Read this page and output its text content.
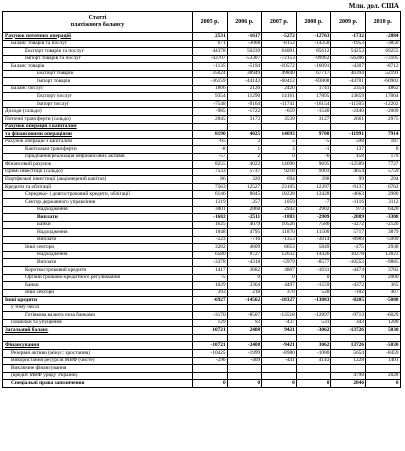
Млн. дол. США
Статті
платіжного балансу	2005 р.	2006 р.	2007 р.	2008 р.	2009 р.	2010 р.
Рахунок поточних операцій	2531	-1617	-5272	-12763	-1732	-2884
Баланс товарів та послуг	671	-3068	-8152	-14350	-1953	-3850
Експорт товарів та послуг	44378	50239	64001	85612	54253	69255
Імпорт товарів та послуг	-43707	-53307	-72153	-99962	-56206	-73105
Баланс товарів	-1135	-5194	-10572	-16091	-4307	-8712
Експорт товарів	35024	38949	49840	67717	40394	52191
Імпорт товарів	-36159	-44143	-60412	-83808	-44701	-60903
Баланс послуг	1806	2126	2420	1741	2354	4862
Експорт послуг	9354	11290	14161	17895	13859	17064
Імпорт послуг	-7548	-9164	-11741	-16154	-11505	-12202
Доходи (сальдо)	-985	-1722	-659	-1540	-2440	-2009
Поточні трансферти (сальдо)	2845	3173	3539	3127	2661	2975
Рахунок операцій з капіталом						
та фінансовими операціями	8190	4025	14693	9700	-11991	7914
Рахунок операцій з капіталом	-65	3	5	-5	598	187
Капітальні трансферти	-8	1	3	-1	137	8
Придбання/реалізація нефінансових активів	-57	2	0	-6	458	179
Фінансовий рахунок	8255	4022	14690	9695	-12589	7727
Прямі інвестиції (сальдо)	7533	5737	9218	9903	4654	5759
Портфельні інвестиції (акціонерний капітал)	86	320	694	398	99	294
Кредити та облігації	7563	12527	23105	12397	-9137	6762
Середньо- і довгостроковий кредити, облігації	6146	8845	18228	13428	-4663	2980
Сектор державного управління	1319	257	1059	-7	-1116	3112
Надходження	3001	2868	2942	2902	973	6420
Виплати	-1682	-2511	-1883	-2909	-2089	-3308
Банки	1625	4079	10526	7586	-3272	-2120
Надходження	1848	4795	11870	11500	5717	3879
Виплати	-223	-716	-1353	-3914	-8989	-5999
Інші сектори	3202	4609	6653	5849	-275	2938
Надходження	6580	8727	12632	14426	10278	12823
Виплати	-3378	-4318	-5979	-8577	-10553	-9885
Короткостроковий кредити	1417	3682	4867	-1031	-4474	3782
Органи грошово-кредитного регулювання	-5	0	0	0	0	2000
Банки	1029	3364	4497	-1559	-4372	365
Інші сектори	393	218	370	528	-102	467
Інші кредити	-6927	-14562	-18327	-13083	-8205	-5088
у тому числі						
Готівкова валюта поза банками	-3170	-8507	-13518	-12897	-9713	-6029
Помилки та упущення	129	93	-437	531	343	1288
Загальний баланс	10721	2408	9421	-3062	-13726	5030

Фінансування	-10721	-2408	-9421	3062	13726	-5030
Резервні активи (мінус: зростання)	-10425	-1999	-8980	-1080	5654	-8459
Використання ресурсів МВФ (чисте)	-296	-409	-441	4143	1228	1401
Виключне фінансування						
(кредит МВФ уряду України)					4798	2028
Спеціальні права запозичення	0	0	0	0	2046	0
